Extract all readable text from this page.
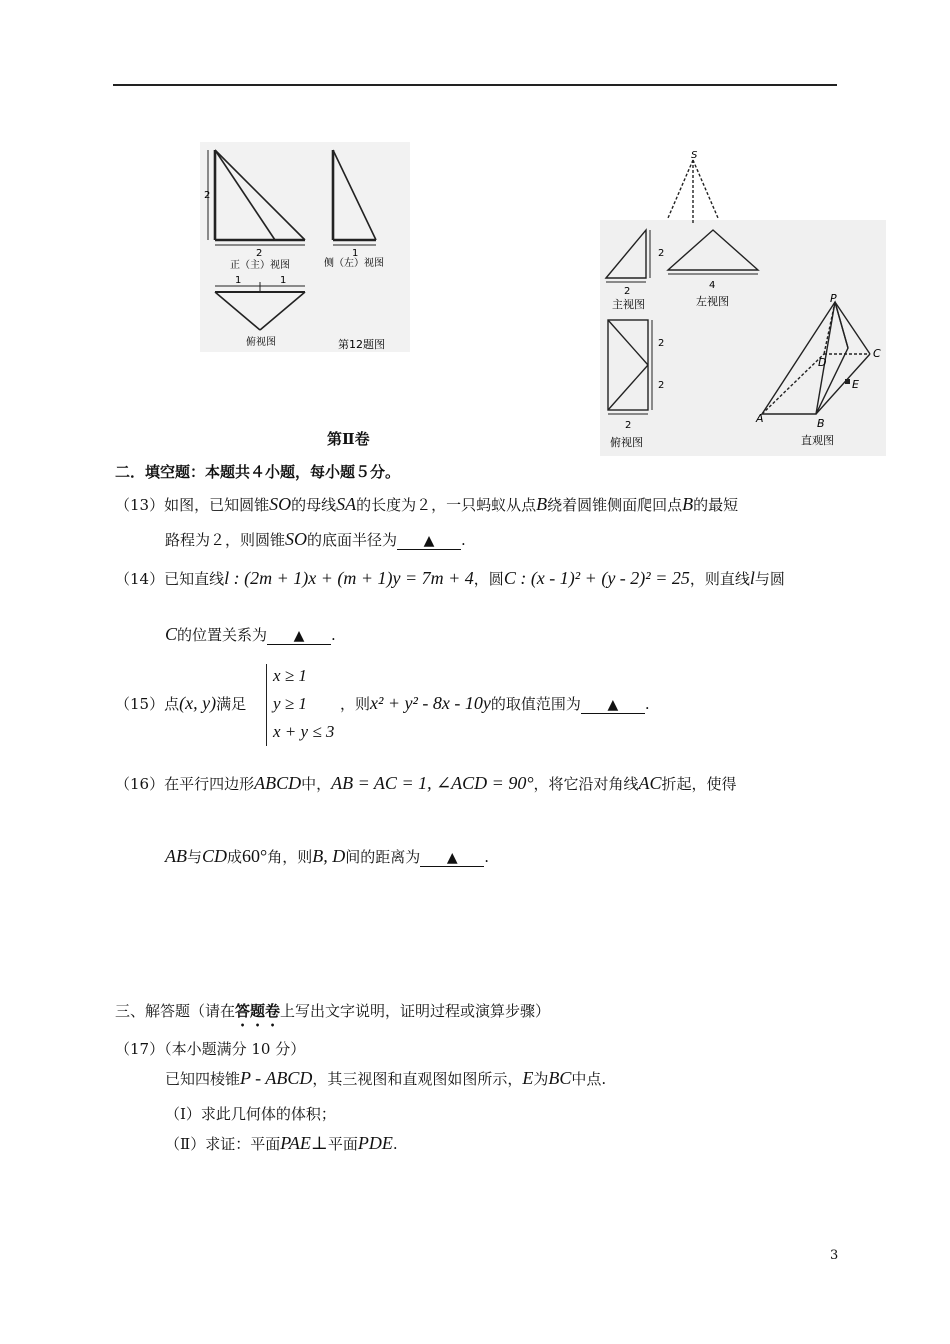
2
2
正（主）视图
1
侧（左）视图
1	1
俯视图	第12题图
S
2
2
主视图
4
左视图
2
2
2
俯视图
P
A	B
C
D
E
直观图
第Ⅱ卷
二．填空题：本题共４小题，每小题５分。
（13）如图，已知圆锥SO的母线SA的长度为２，一只蚂蚁从点B绕着圆锥侧面爬回点B的最短
路程为２，则圆锥SO的底面半径为 ▲ .
（14）已知直线l : (2m + 1)x + (m + 1)y = 7m + 4，圆C : (x - 1)² + (y - 2)² = 25，则直线l与圆
C的位置关系为 ▲ .
（15）点(x, y)满足
x ≥ 1
y ≥ 1
x + y ≤ 3
，则x² + y² - 8x - 10y的取值范围为 ▲ .
（16）在平行四边形ABCD中，AB = AC = 1, ∠ACD = 90°，将它沿对角线AC折起，使得
AB与CD成60°角，则B, D间的距离为 ▲ .
三、解答题（请在答题卷上写出文字说明，证明过程或演算步骤）
（17）（本小题满分 10 分）
已知四棱锥P - ABCD，其三视图和直观图如图所示，E为BC中点.
（Ⅰ）求此几何体的体积；
（Ⅱ）求证：平面PAE⊥平面PDE.
3
